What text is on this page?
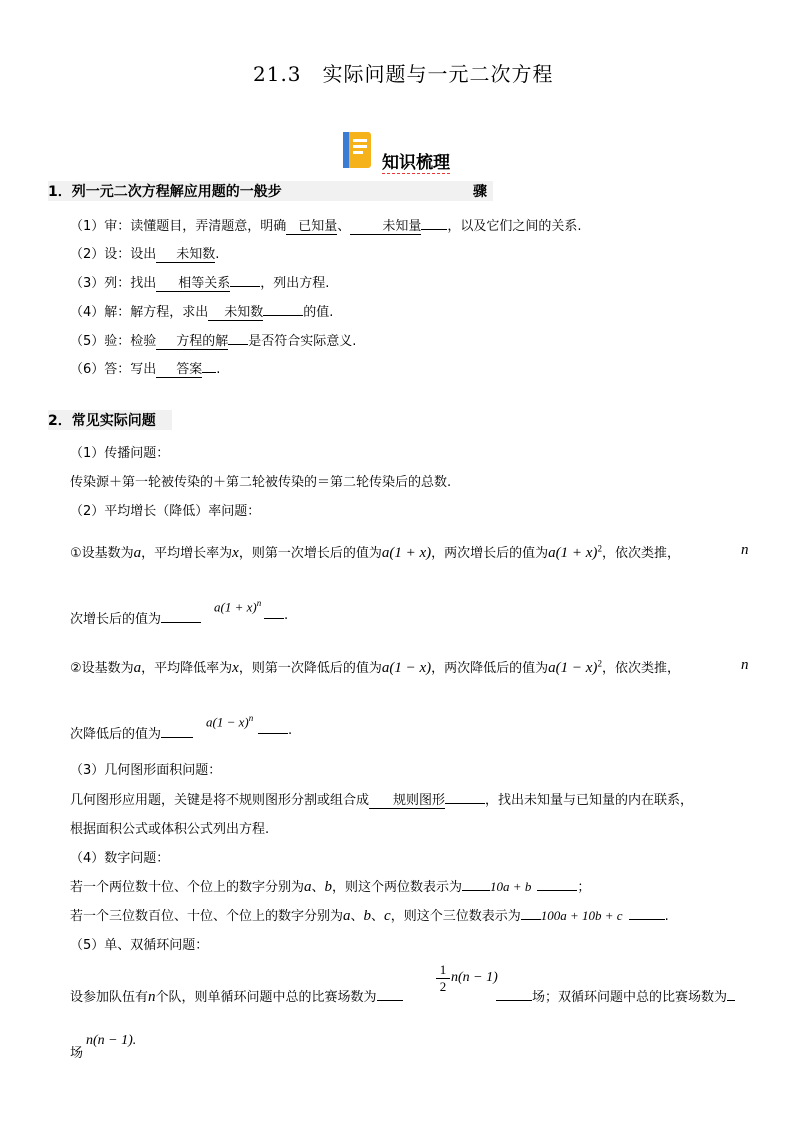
21.3　实际问题与一元二次方程
知识梳理
1．列一元二次方程解应用题的一般步	骤
（1）审：读懂题目，弄清题意，明确 已知量、 未知量 ，以及它们之间的关系.
（2）设：设出 未知数.
（3）列：找出 相等关系 ，列出方程.
（4）解：解方程，求出 未知数	的值.
（5）验：检验 方程的解 是否符合实际意义.
（6）答：写出 答案 .
2．常见实际问题
（1）传播问题：
传染源＋第一轮被传染的＋第二轮被传染的＝第二轮传染后的总数.
（2）平均增长（降低）率问题：
①设基数为a，平均增长率为x，则第一次增长后的值为a(1 + x)，两次增长后的值为$a(1 + x)^2$，依次类推，	n
次增长后的值为
$a(1 + x)^n$
.
②设基数为a，平均降低率为x，则第一次降低后的值为a(1 − x)，两次降低后的值为$a(1 - x)^2$，依次类推，	n
次降低后的值为
$a(1 - x)^n$
.
（3）几何图形面积问题：
几何图形应用题，关键是将不规则图形分割或组合成 规则图形	，找出未知量与已知量的内在联系，
根据面积公式或体积公式列出方程.
（4）数字问题：
若一个两位数十位、个位上的数字分别为a、b，则这个两位数表示为 10a + b	；
若一个三位数百位、十位、个位上的数字分别为a、b、c，则这个三位数表示为 100a + 10b + c	.
（5）单、双循环问题：
设参加队伍有n个队，则单循环问题中总的比赛场数为
1
2
n(n − 1)
场；双循环问题中总的比赛场数为
场
n(n − 1).
